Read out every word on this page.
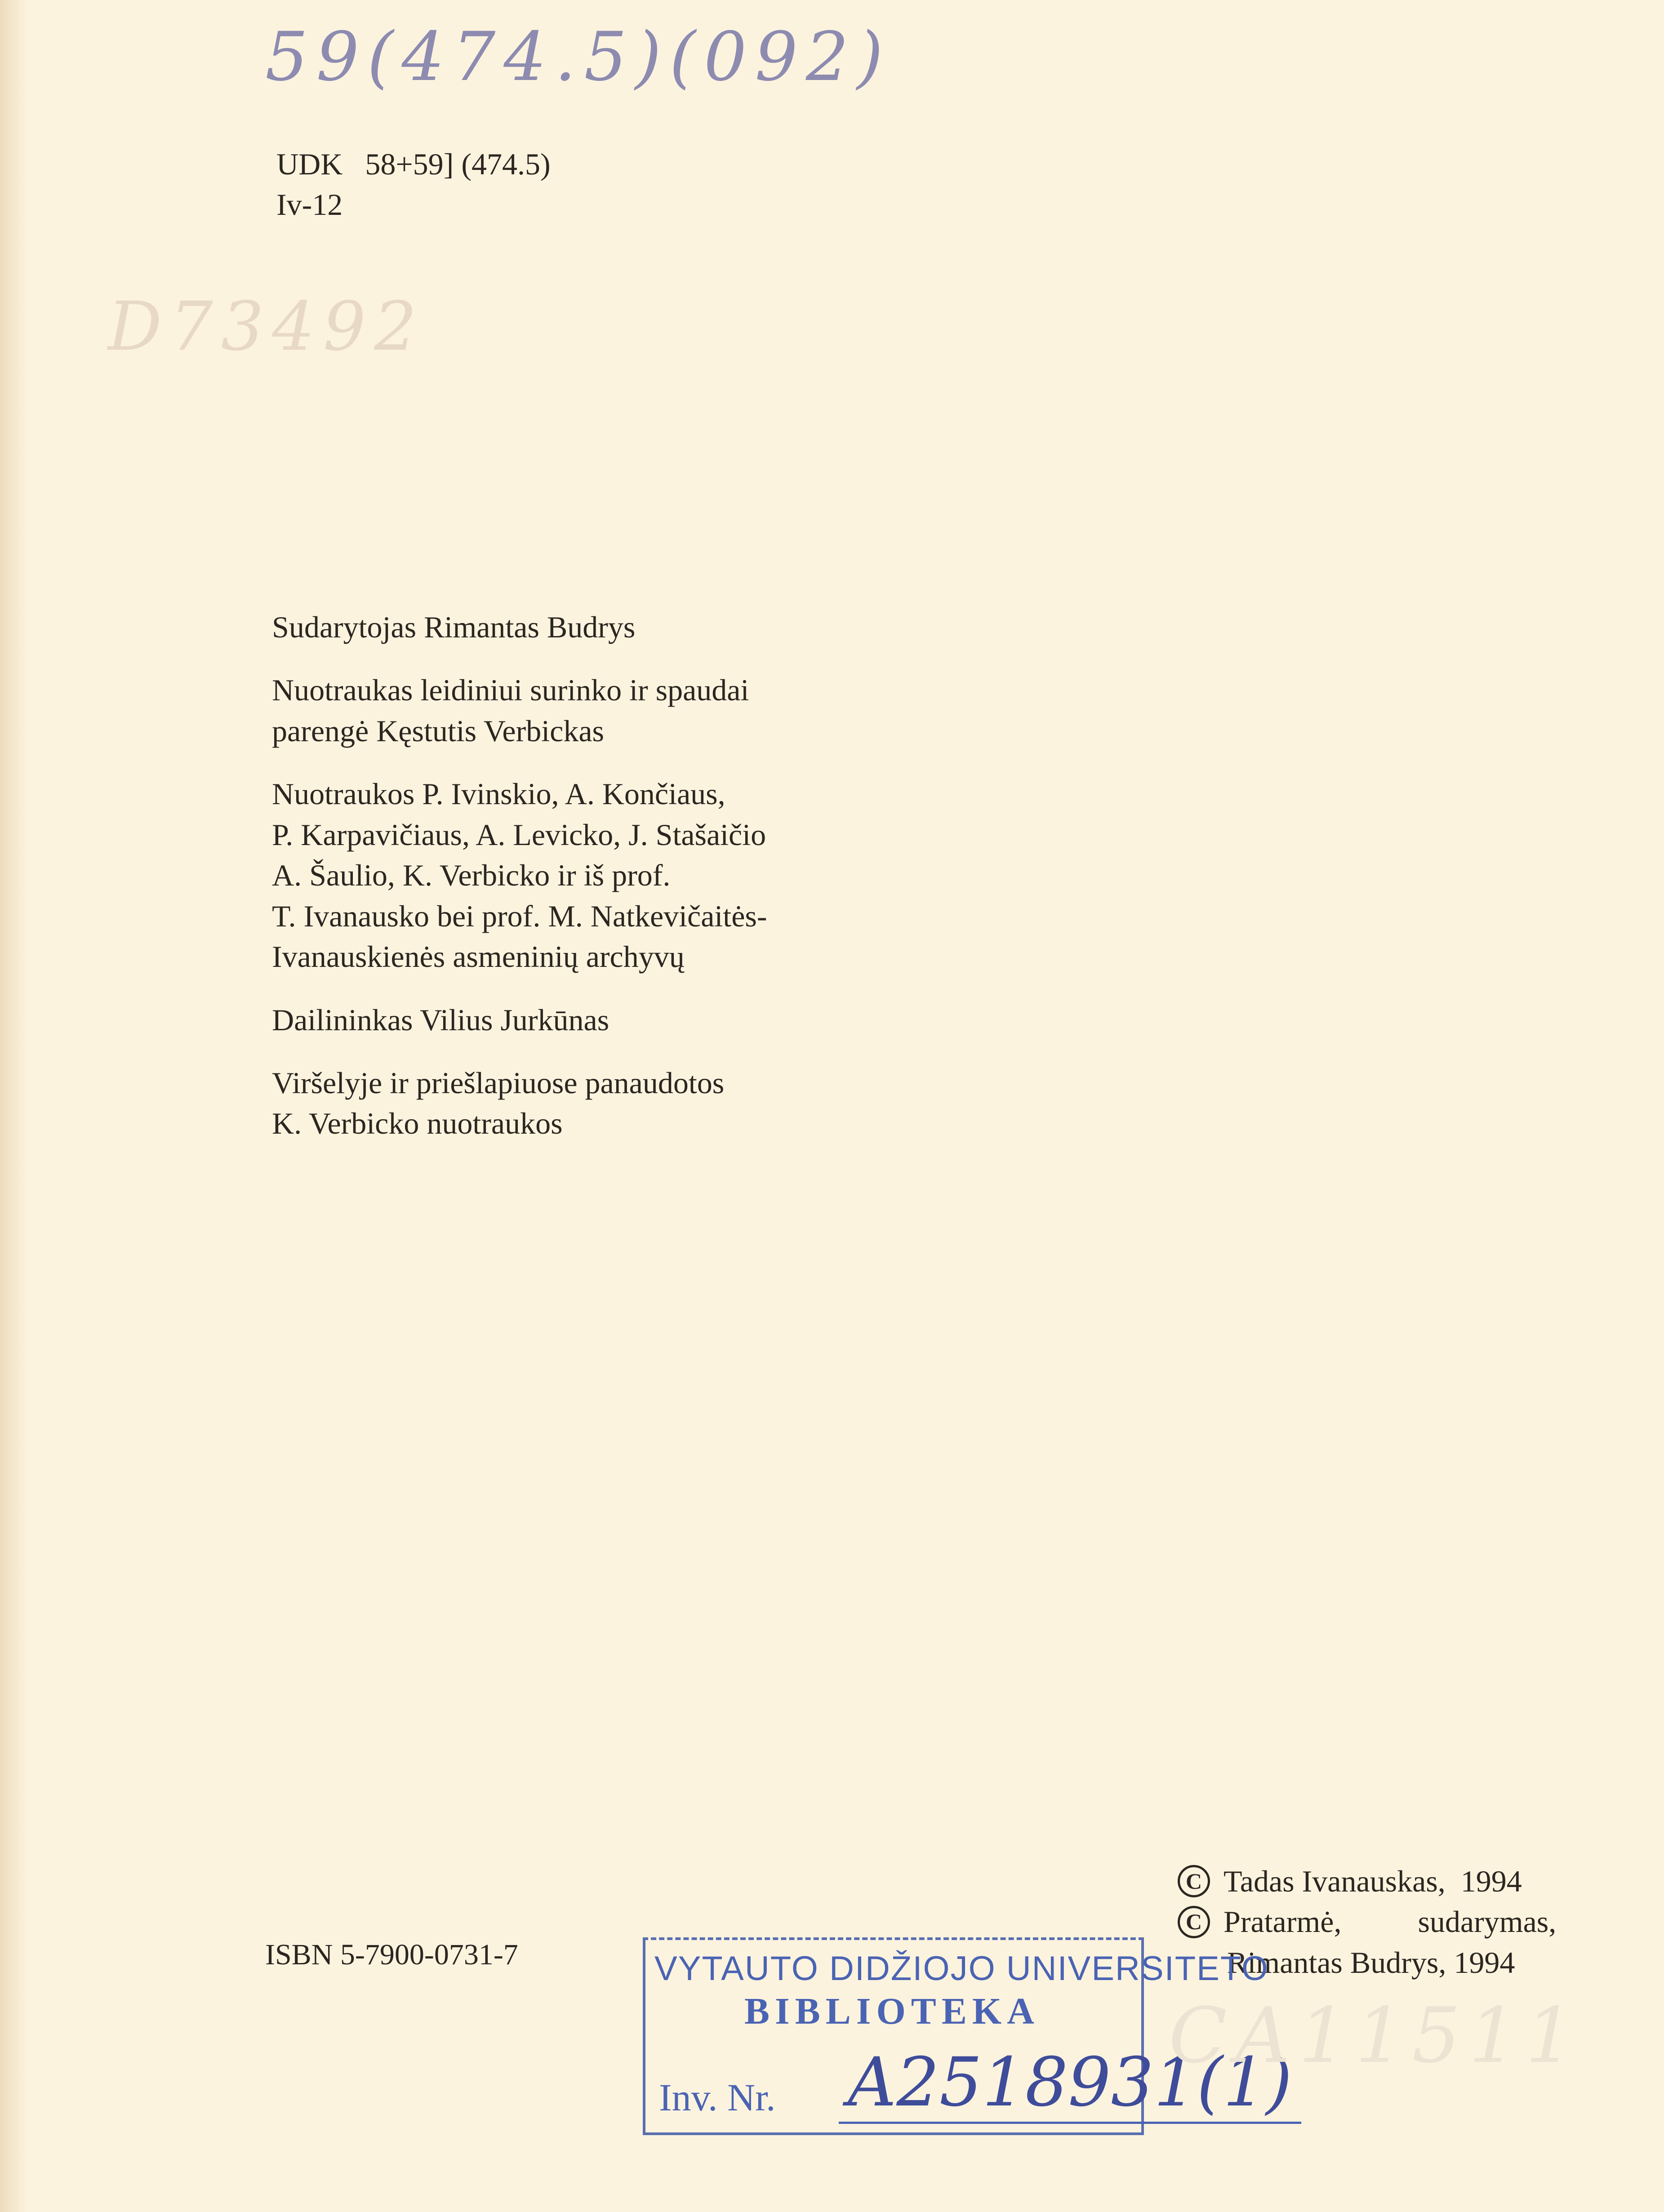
59(474.5)(092)
D73492
UDK 58+59] (474.5)
Iv-12

Sudarytojas Rimantas Budrys

Nuotraukas leidiniui surinko ir spaudai
parengė Kęstutis Verbickas

Nuotraukos P. Ivinskio, A. Končiaus,
P. Karpavičiaus, A. Levicko, J. Stašaičio
A. Šaulio, K. Verbicko ir iš prof.
T. Ivanausko bei prof. M. Natkevičaitės-
Ivanauskienės asmeninių archyvų

Dailininkas Vilius Jurkūnas

Viršelyje ir priešlapiuose panaudotos
K. Verbicko nuotraukos

ISBN 5-7900-0731-7
C Tadas Ivanauskas,
1994
C Pratarmė,	sudarymas,
Rimantas Budrys, 1994
VYTAUTO DIDŽIOJO UNIVERSITETO
BIBLIOTEKA
Inv. Nr. A2518931(1)
CA11511
